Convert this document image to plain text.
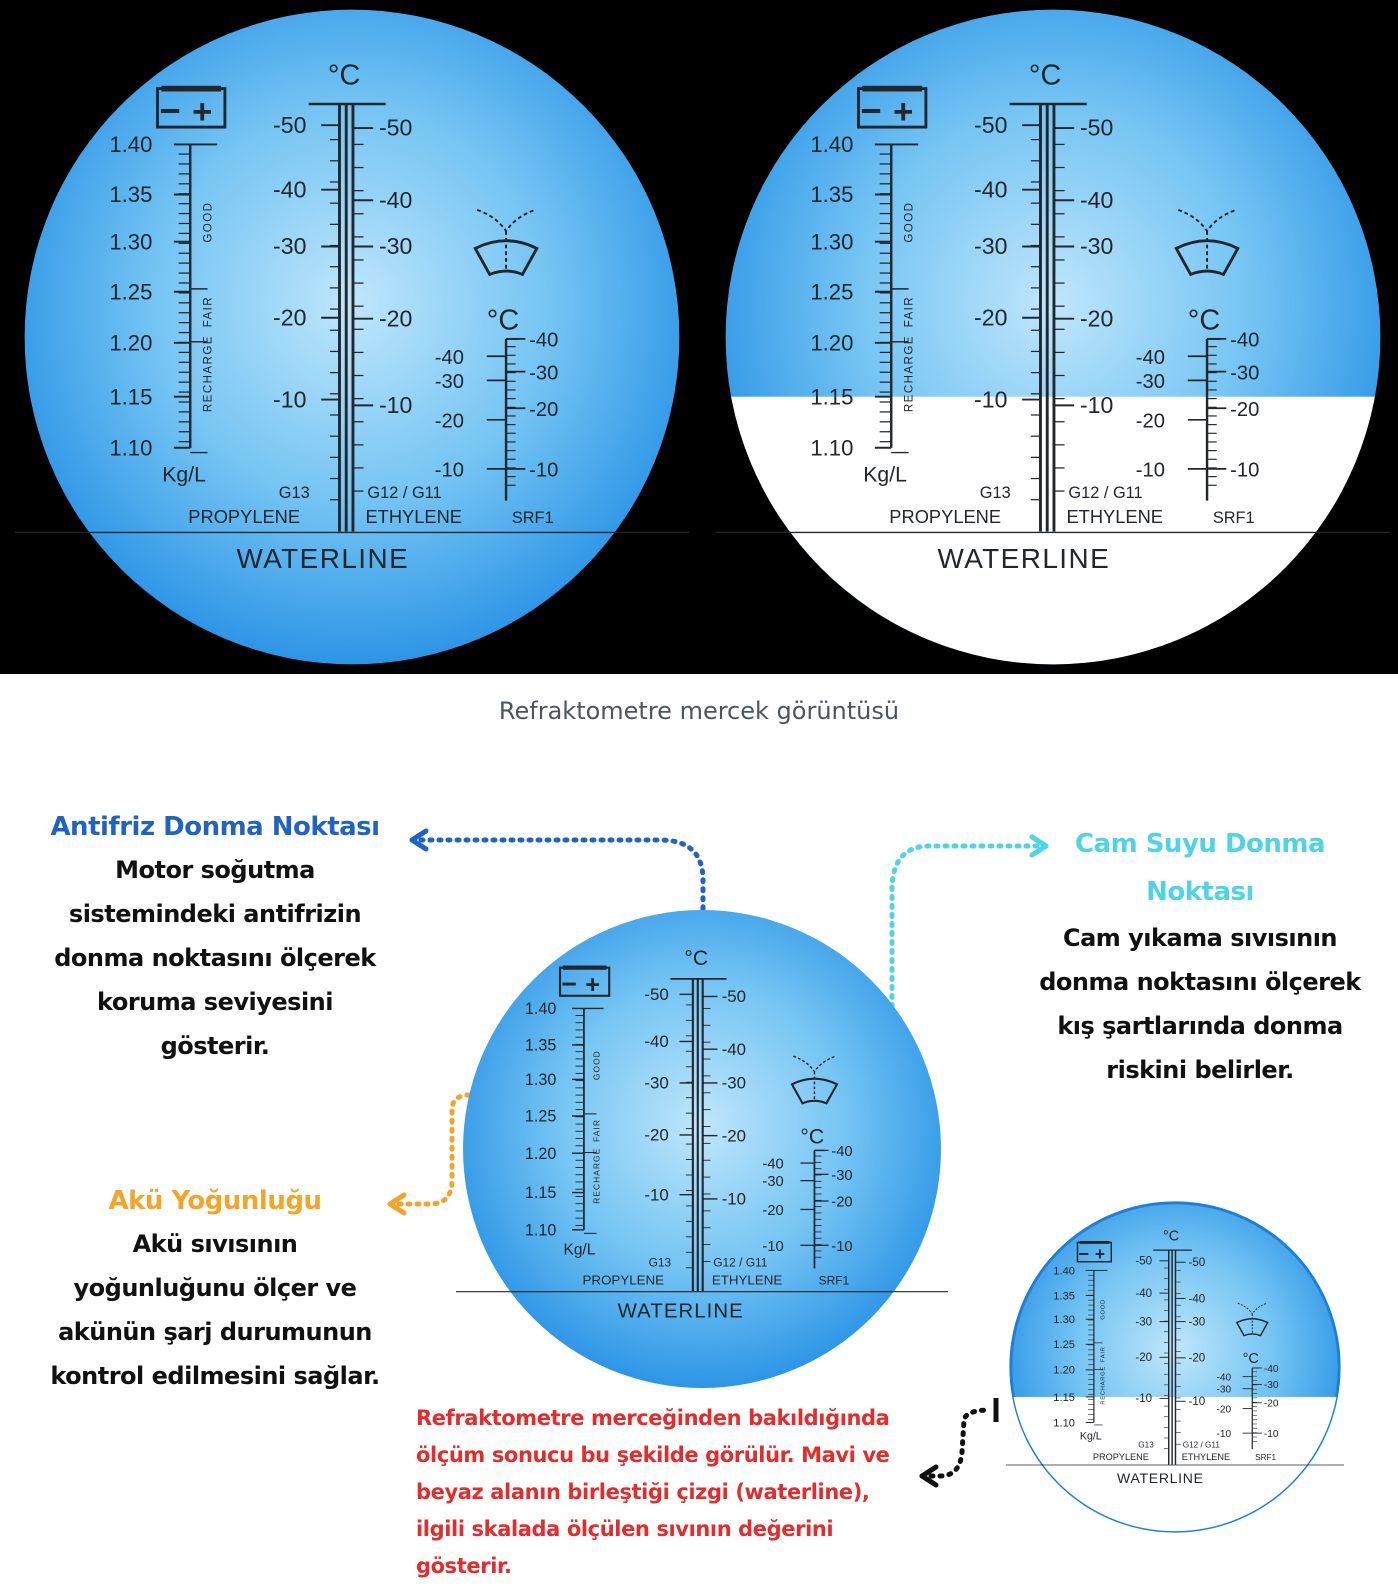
− +
1.40
1.35
1.30
1.25
1.20
1.15
1.10
Kg/L
GOOD
FAIR
RECHARGE
°C
-50
-40
-30
-20
-10
-50
-40
-30
-20
-10
G13	G12 / G11
PROPYLENE	ETHYLENE
°C
-40
-30
-20
-10
-40
-30
-20
-10
SRF1
WATERLINE
− +
1.40
1.35
1.30
1.25
1.20
1.15
1.10
Kg/L
GOOD
FAIR
RECHARGE
°C
-50
-40
-30
-20
-10
-50
-40
-30
-20
-10
G13	G12 / G11
PROPYLENE	ETHYLENE
°C
-40
-30
-20
-10
-40
-30
-20
-10
SRF1
WATERLINE
Refraktometre mercek görüntüsü
− +
1.40
1.35
1.30
1.25
1.20
1.15
1.10
Kg/L
GOOD
FAIR
RECHARGE
°C
-50
-40
-30
-20
-10
-50
-40
-30
-20
-10
G13 G12 / G11
PROPYLENE	ETHYLENE
°C
-40
-30
-20
-10
-40
-30
-20
-10
SRF1
WATERLINE
− +
1.40
1.35
1.30
1.25
1.20
1.15
1.10
Kg/L
GOOD
FAIR
RECHARGE
°C
-50
-40
-30
-20
-10
-50
-40
-30
-20
-10
G13 G12 / G11
PROPYLENE ETHYLENE
°C
-40
-30
-20
-10
-40
-30
-20
-10
SRF1
WATERLINE
Antifriz Donma Noktası
Motor soğutma
sistemindeki antifrizin
donma noktasını ölçerek
koruma seviyesini
gösterir.
Cam Suyu Donma
Noktası
Cam yıkama sıvısının
donma noktasını ölçerek
kış şartlarında donma
riskini belirler.
Akü Yoğunluğu
Akü sıvısının
yoğunluğunu ölçer ve
akünün şarj durumunun
kontrol edilmesini sağlar.
Refraktometre merceğinden bakıldığında
ölçüm sonucu bu şekilde görülür. Mavi ve
beyaz alanın birleştiği çizgi (waterline),
ilgili skalada ölçülen sıvının değerini
gösterir.
